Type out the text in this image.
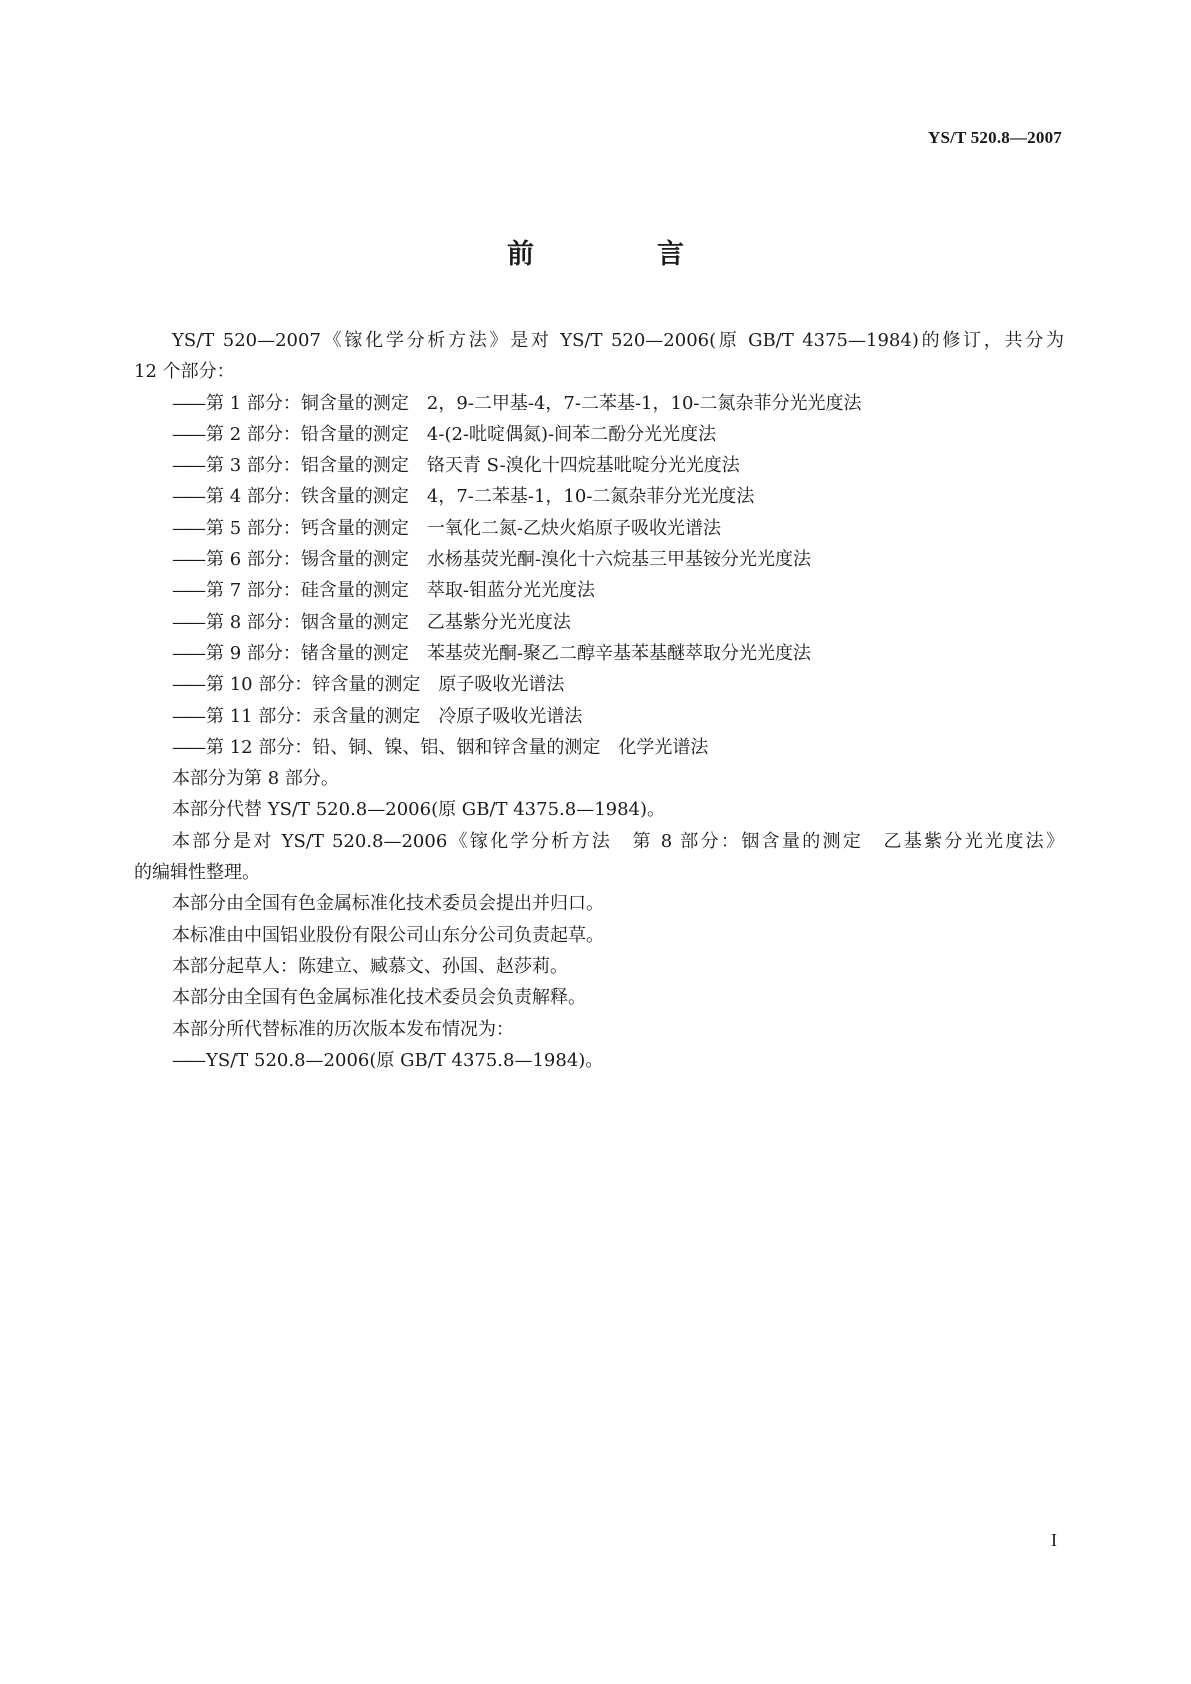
YS/T 520.8—2007
前　言

YS/T 520—2007《镓化学分析方法》是对 YS/T 520—2006(原 GB/T 4375—1984)的修订，共分为

12 个部分：

—— 第 1 部分：铜含量的测定 2，9-二甲基-4，7-二苯基-1，10-二氮杂菲分光光度法

—— 第 2 部分：铅含量的测定 4-(2-吡啶偶氮)-间苯二酚分光光度法

—— 第 3 部分：铝含量的测定 铬天青 S-溴化十四烷基吡啶分光光度法

—— 第 4 部分：铁含量的测定 4，7-二苯基-1，10-二氮杂菲分光光度法

—— 第 5 部分：钙含量的测定 一氧化二氮-乙炔火焰原子吸收光谱法

—— 第 6 部分：锡含量的测定 水杨基荧光酮-溴化十六烷基三甲基铵分光光度法

—— 第 7 部分：硅含量的测定 萃取-钼蓝分光光度法

—— 第 8 部分：铟含量的测定 乙基紫分光光度法

—— 第 9 部分：锗含量的测定 苯基荧光酮-聚乙二醇辛基苯基醚萃取分光光度法

—— 第 10 部分：锌含量的测定 原子吸收光谱法

—— 第 11 部分：汞含量的测定 冷原子吸收光谱法

—— 第 12 部分：铅、铜、镍、铝、铟和锌含量的测定 化学光谱法

本部分为第 8 部分。

本部分代替 YS/T 520.8—2006(原 GB/T 4375.8—1984)。

本部分是对 YS/T 520.8—2006《镓化学分析方法　第 8 部分：铟含量的测定　乙基紫分光光度法》

的编辑性整理。

本部分由全国有色金属标准化技术委员会提出并归口。

本标准由中国铝业股份有限公司山东分公司负责起草。

本部分起草人：陈建立、臧慕文、孙国、赵莎莉。

本部分由全国有色金属标准化技术委员会负责解释。

本部分所代替标准的历次版本发布情况为：

—— YS/T 520.8—2006(原 GB/T 4375.8—1984)。

I
